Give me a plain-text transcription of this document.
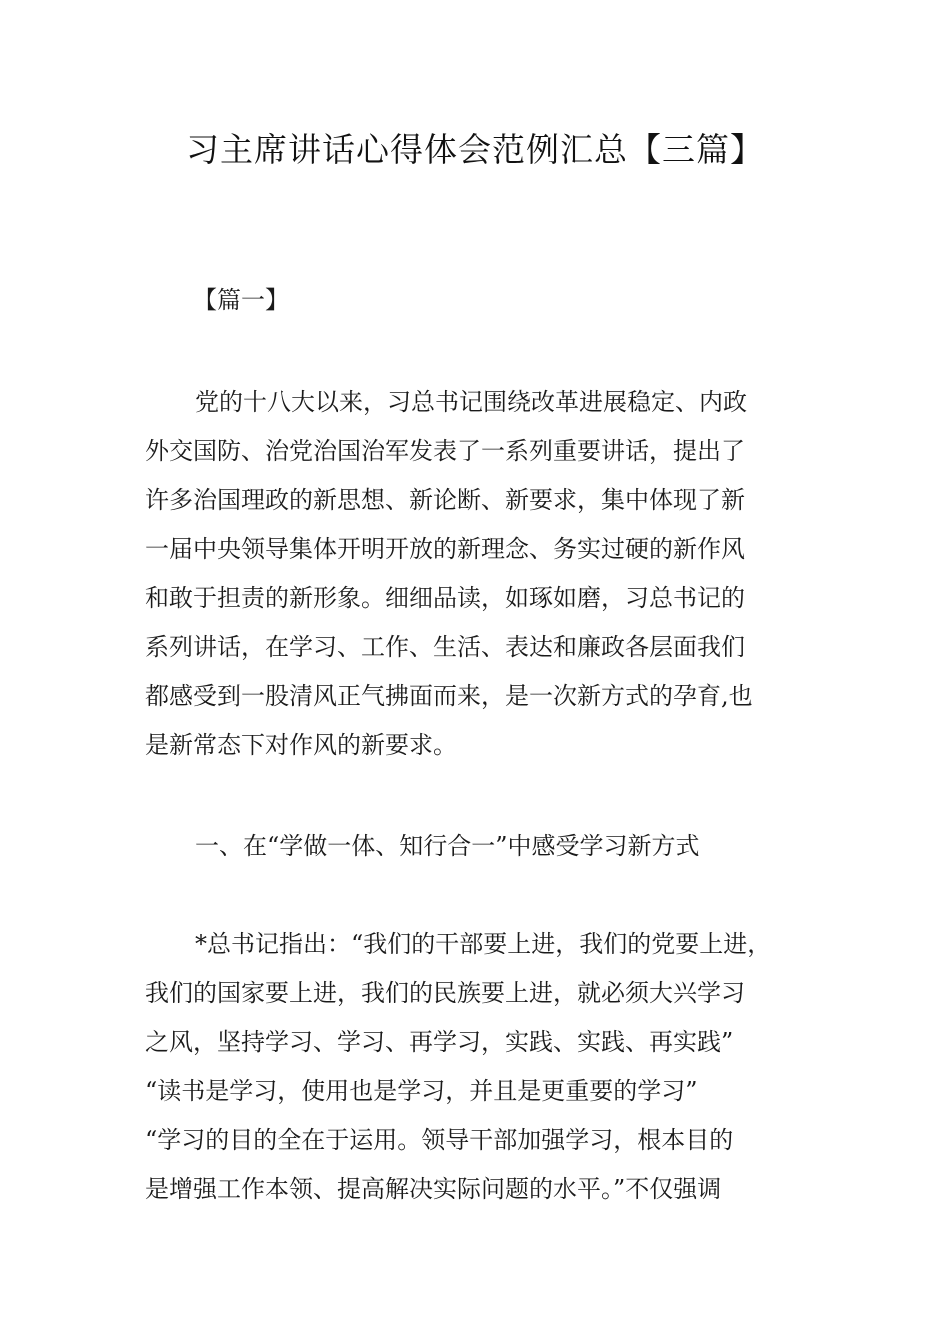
习主席讲话心得体会范例汇总【三篇】
【篇一】
党的十八大以来，习总书记围绕改革进展稳定、内政
外交国防、治党治国治军发表了一系列重要讲话，提出了
许多治国理政的新思想、新论断、新要求，集中体现了新
一届中央领导集体开明开放的新理念、务实过硬的新作风
和敢于担责的新形象。细细品读，如琢如磨，习总书记的
系列讲话，在学习、工作、生活、表达和廉政各层面我们
都感受到一股清风正气拂面而来，是一次新方式的孕育,也
是新常态下对作风的新要求。
一、在“学做一体、知行合一”中感受学习新方式
*总书记指出：“我们的干部要上进，我们的党要上进，
我们的国家要上进，我们的民族要上进，就必须大兴学习
之风，坚持学习、学习、再学习，实践、实践、再实践”
“读书是学习，使用也是学习，并且是更重要的学习”
“学习的目的全在于运用。领导干部加强学习，根本目的
是增强工作本领、提高解决实际问题的水平。”不仅强调
